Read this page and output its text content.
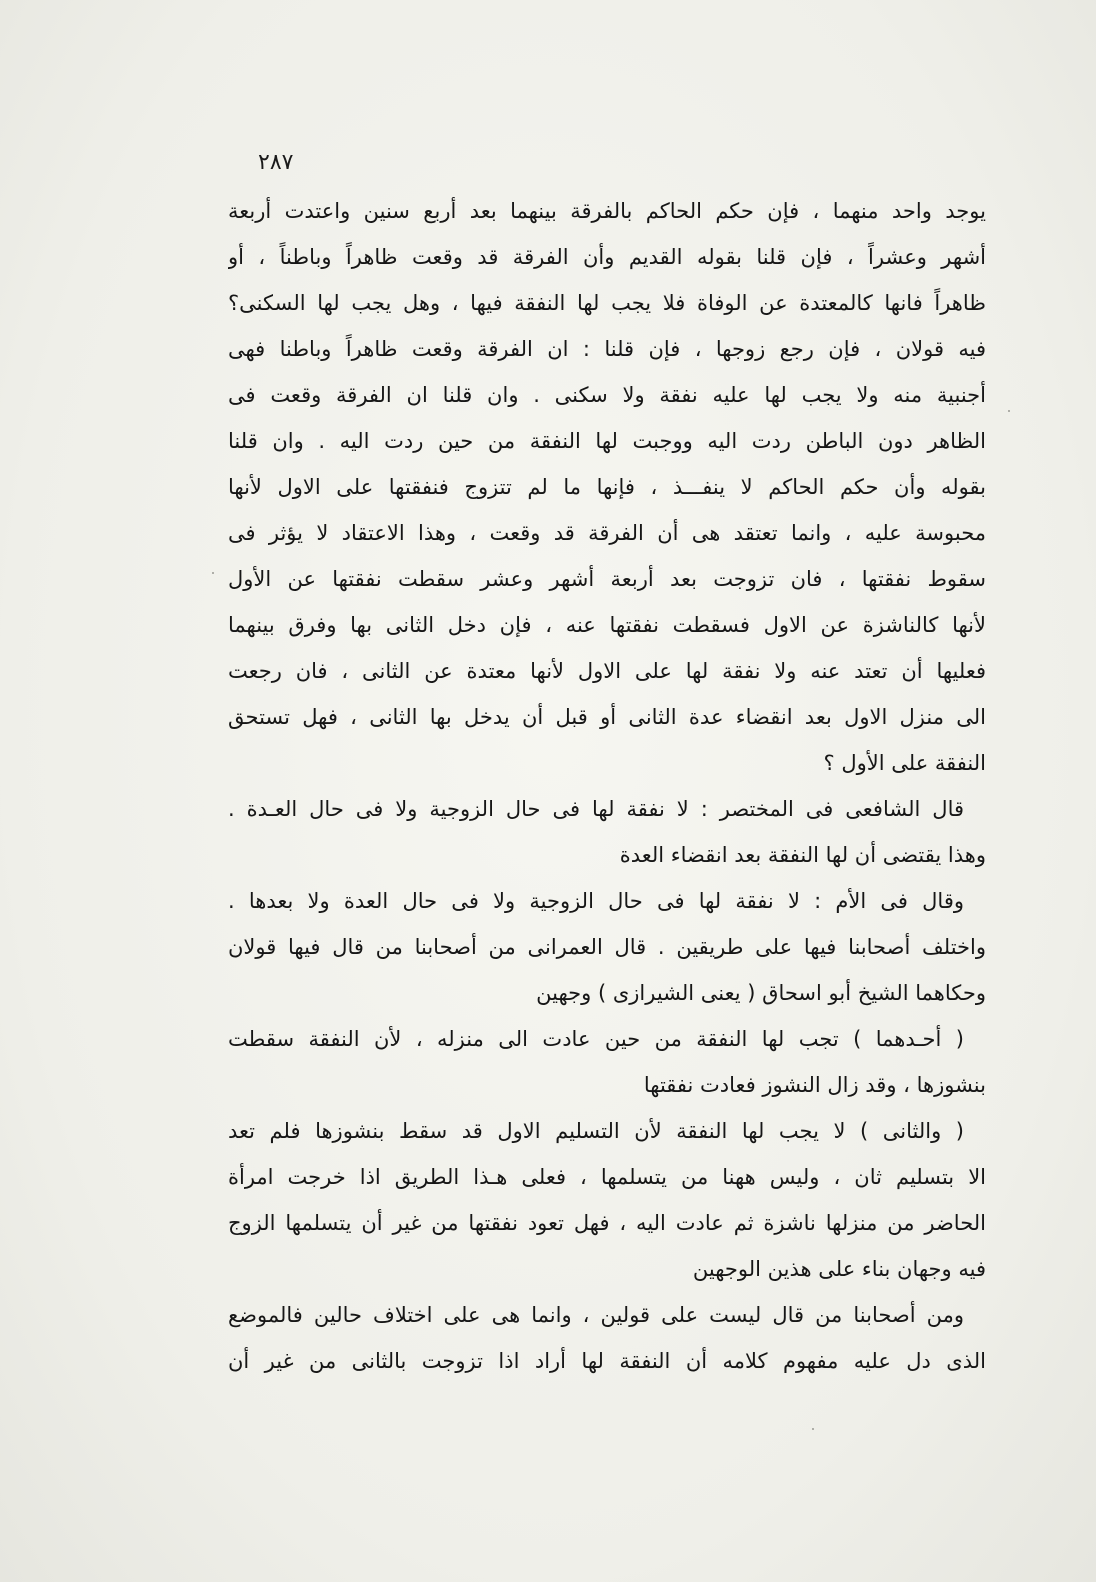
٢٨٧
يوجد واحد منهما ، فإن حكم الحاكم بالفرقة بينهما بعد أربع سنين واعتدت أربعة
أشهر وعشراً ، فإن قلنا بقوله القديم وأن الفرقة قد وقعت ظاهراً وباطناً ، أو
ظاهراً فانها كالمعتدة عن الوفاة فلا يجب لها النفقة فيها ، وهل يجب لها السكنى؟
فيه قولان ، فإن رجع زوجها ، فإن قلنا : ان الفرقة وقعت ظاهراً وباطنا فهى
أجنبية منه ولا يجب لها عليه نفقة ولا سكنى . وان قلنا ان الفرقة وقعت فى
الظاهر دون الباطن ردت اليه ووجبت لها النفقة من حين ردت اليه . وان قلنا
بقوله وأن حكم الحاكم لا ينفـــذ ، فإنها ما لم تتزوج فنفقتها على الاول لأنها
محبوسة عليه ، وانما تعتقد هى أن الفرقة قد وقعت ، وهذا الاعتقاد لا يؤثر فى
سقوط نفقتها ، فان تزوجت بعد أربعة أشهر وعشر سقطت نفقتها عن الأول
لأنها كالناشزة عن الاول فسقطت نفقتها عنه ، فإن دخل الثانى بها وفرق بينهما
فعليها أن تعتد عنه ولا نفقة لها على الاول لأنها معتدة عن الثانى ، فان رجعت
الى منزل الاول بعد انقضاء عدة الثانى أو قبل أن يدخل بها الثانى ، فهل تستحق
النفقة على الأول ؟
قال الشافعى فى المختصر : لا نفقة لها فى حال الزوجية ولا فى حال العـدة .
وهذا يقتضى أن لها النفقة بعد انقضاء العدة
وقال فى الأم : لا نفقة لها فى حال الزوجية ولا فى حال العدة ولا بعدها .
واختلف أصحابنا فيها على طريقين . قال العمرانى من أصحابنا من قال فيها قولان
وحكاهما الشيخ أبو اسحاق ( يعنى الشيرازى ) وجهين
( أحـدهما ) تجب لها النفقة من حين عادت الى منزله ، لأن النفقة سقطت
بنشوزها ، وقد زال النشوز فعادت نفقتها
( والثانى ) لا يجب لها النفقة لأن التسليم الاول قد سقط بنشوزها فلم تعد
الا بتسليم ثان ، وليس ههنا من يتسلمها ، فعلى هـذا الطريق اذا خرجت امرأة
الحاضر من منزلها ناشزة ثم عادت اليه ، فهل تعود نفقتها من غير أن يتسلمها الزوج
فيه وجهان بناء على هذين الوجهين
ومن أصحابنا من قال ليست على قولين ، وانما هى على اختلاف حالين فالموضع
الذى دل عليه مفهوم كلامه أن النفقة لها أراد اذا تزوجت بالثانى من غير أن
